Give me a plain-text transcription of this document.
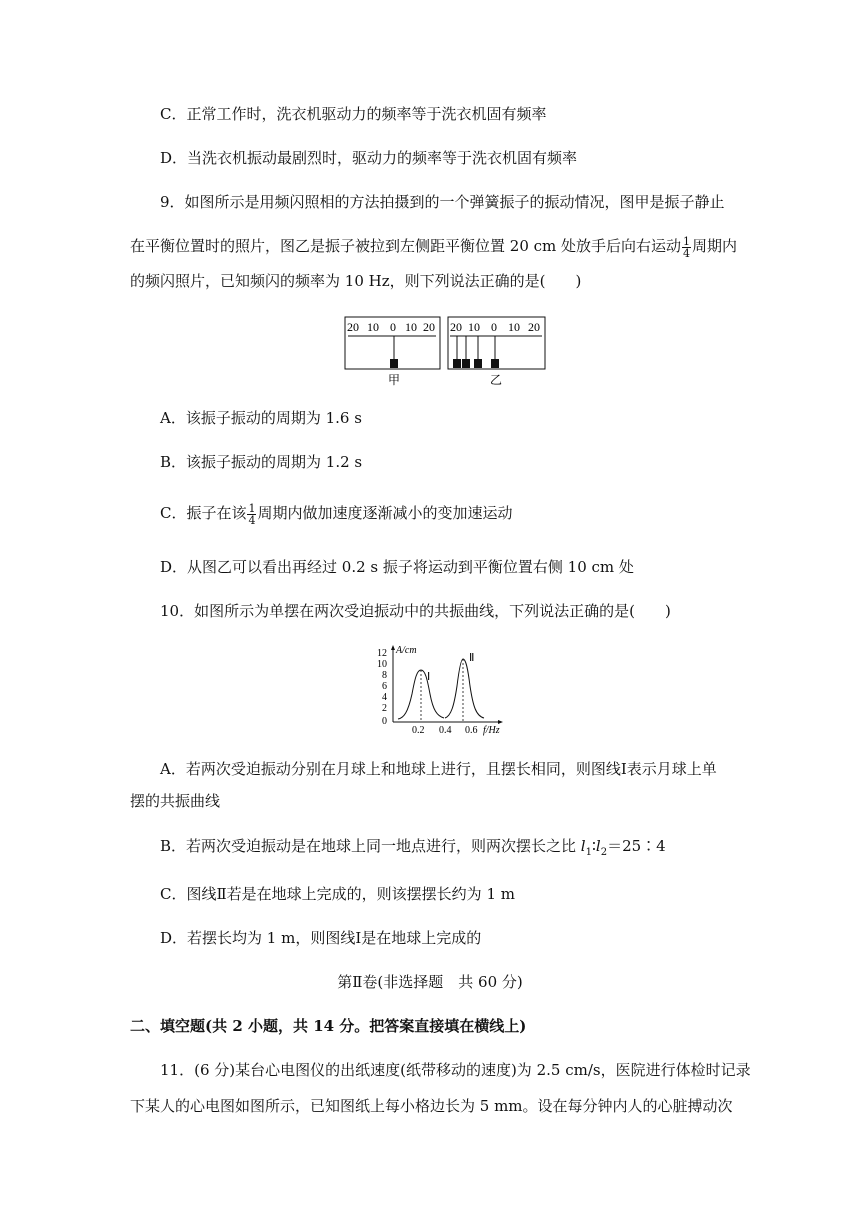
C．正常工作时，洗衣机驱动力的频率等于洗衣机固有频率
D．当洗衣机振动最剧烈时，驱动力的频率等于洗衣机固有频率
9．如图所示是用频闪照相的方法拍摄到的一个弹簧振子的振动情况，图甲是振子静止
在平衡位置时的照片，图乙是振子被拉到左侧距平衡位置 20 cm 处放手后向右运动 $\frac{1}{4}$ 周期内
的频闪照片，已知频闪的频率为 10 Hz，则下列说法正确的是(　　)
20 10 0 10 20
甲
20 10 0 10 20
乙
A．该振子振动的周期为 1.6 s
B．该振子振动的周期为 1.2 s
C．振子在该 $\frac{1}{4}$ 周期内做加速度逐渐减小的变加速运动
D．从图乙可以看出再经过 0.2 s 振子将运动到平衡位置右侧 10 cm 处
10．如图所示为单摆在两次受迫振动中的共振曲线，下列说法正确的是(　　)
A/cm
f/Hz
12
10
8
6
4
2
0
0.2 0.4 0.6
Ⅰ
Ⅱ
A．若两次受迫振动分别在月球上和地球上进行，且摆长相同，则图线Ⅰ表示月球上单
摆的共振曲线
B．若两次受迫振动是在地球上同一地点进行，则两次摆长之比 $l_1∶l_2=25∶4$
C．图线Ⅱ若是在地球上完成的，则该摆摆长约为 1 m
D．若摆长均为 1 m，则图线Ⅰ是在地球上完成的
第Ⅱ卷(非选择题　共 60 分)
二、填空题(共 2 小题，共 14 分。把答案直接填在横线上)
11．(6 分)某台心电图仪的出纸速度(纸带移动的速度)为 2.5 cm/s，医院进行体检时记录
下某人的心电图如图所示，已知图纸上每小格边长为 5 mm。设在每分钟内人的心脏搏动次
